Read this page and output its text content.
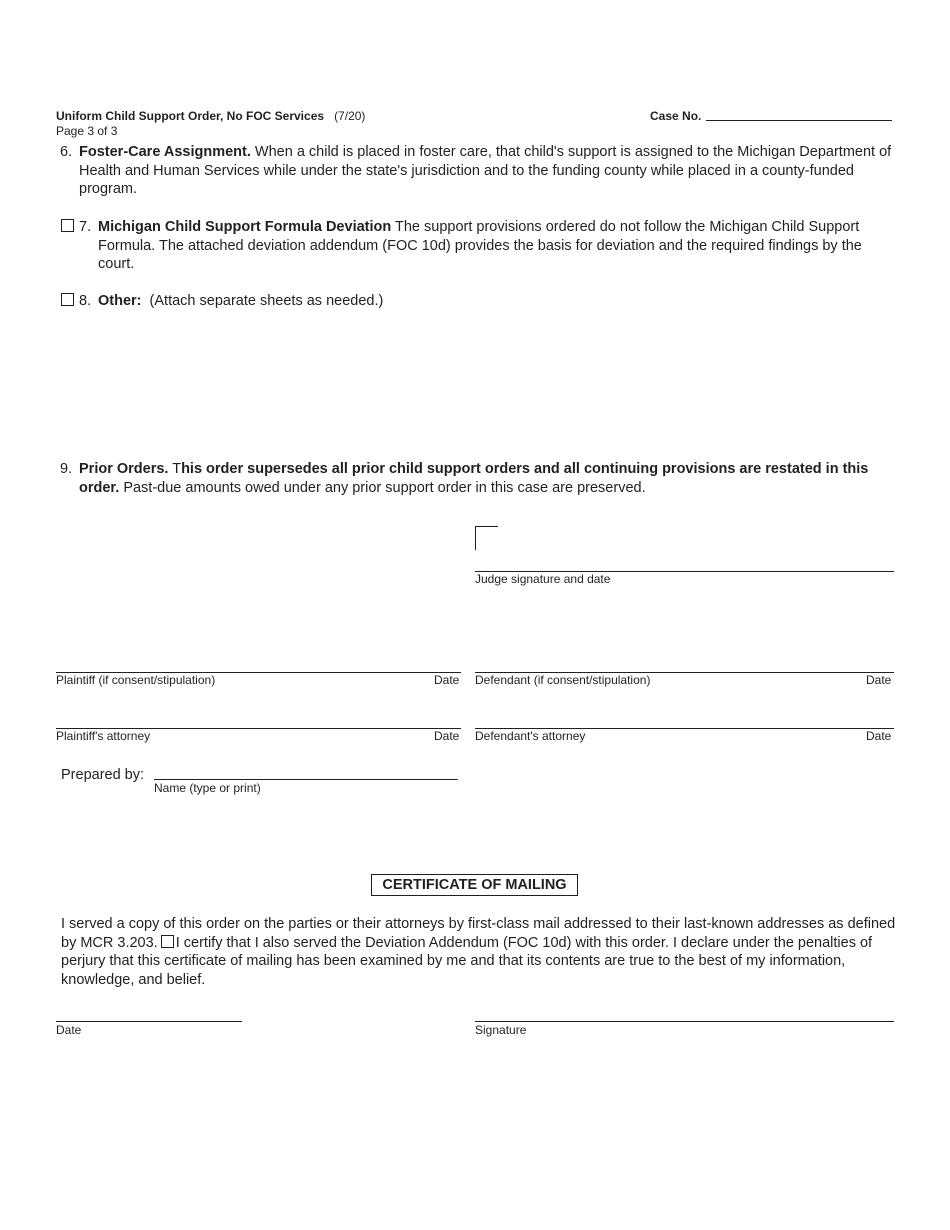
Uniform Child Support Order, No FOC Services (7/20)
Page 3 of 3
Case No.
6. Foster-Care Assignment. When a child is placed in foster care, that child's support is assigned to the Michigan Department of Health and Human Services while under the state's jurisdiction and to the funding county while placed in a county-funded program.
7. Michigan Child Support Formula Deviation The support provisions ordered do not follow the Michigan Child Support Formula. The attached deviation addendum (FOC 10d) provides the basis for deviation and the required findings by the court.
8. Other:  (Attach separate sheets as needed.)
9. Prior Orders. This order supersedes all prior child support orders and all continuing provisions are restated in this order. Past-due amounts owed under any prior support order in this case are preserved.
Judge signature and date
Plaintiff (if consent/stipulation)	Date Defendant (if consent/stipulation)	Date
Plaintiff's attorney	Date Defendant's attorney	Date
Prepared by:
Name (type or print)
CERTIFICATE OF MAILING
I served a copy of this order on the parties or their attorneys by first-class mail addressed to their last-known addresses as defined by MCR 3.203. I certify that I also served the Deviation Addendum (FOC 10d) with this order. I declare under the penalties of perjury that this certificate of mailing has been examined by me and that its contents are true to the best of my information, knowledge, and belief.
Date	Signature
